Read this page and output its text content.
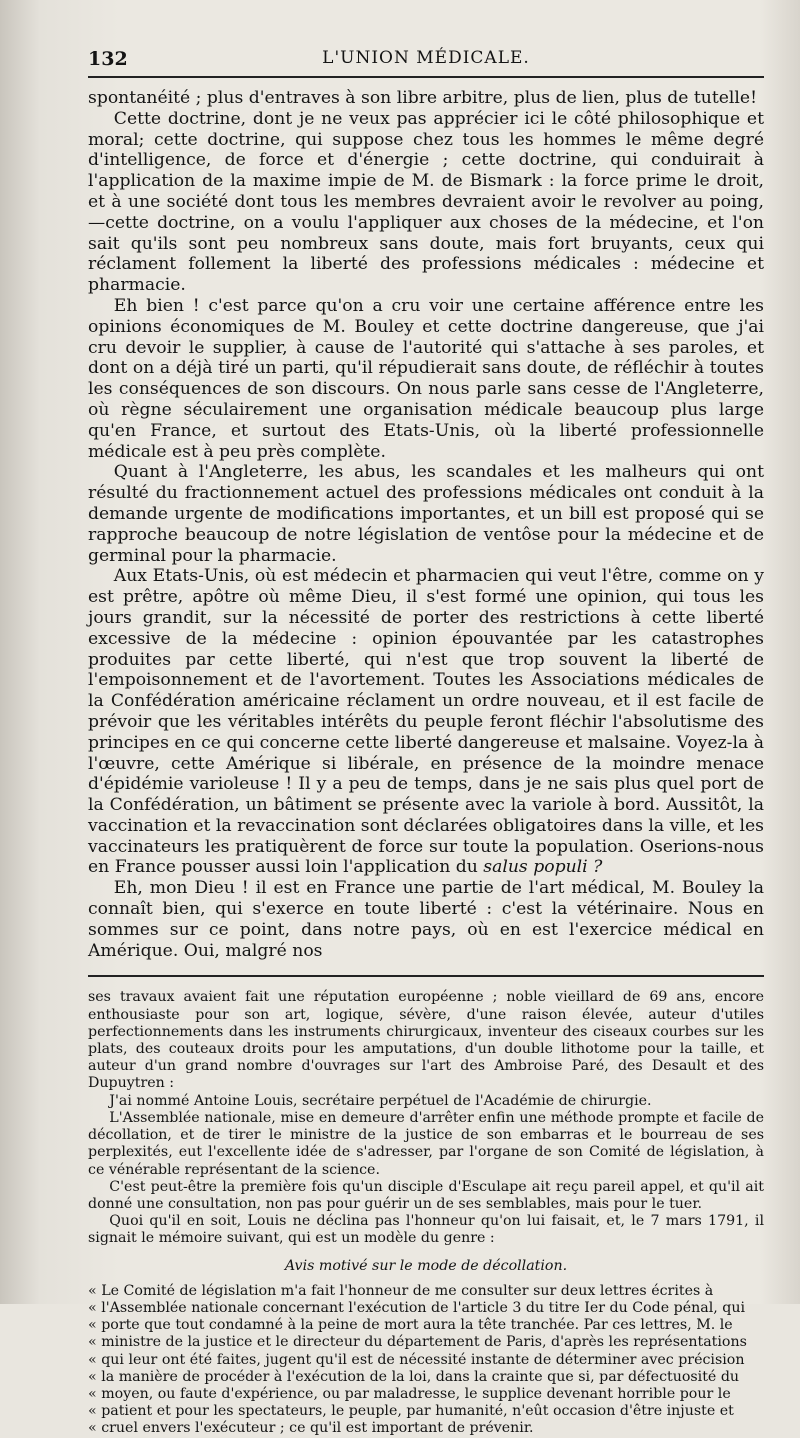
132	L'UNION MÉDICALE.

spontanéité ; plus d'entraves à son libre arbitre, plus de lien, plus de tutelle!

Cette doctrine, dont je ne veux pas apprécier ici le côté philosophique et moral; cette doctrine, qui suppose chez tous les hommes le même degré d'intelligence, de force et d'énergie ; cette doctrine, qui conduirait à l'application de la maxime impie de M. de Bismark : la force prime le droit, et à une société dont tous les membres devraient avoir le revolver au poing, —cette doctrine, on a voulu l'appliquer aux choses de la médecine, et l'on sait qu'ils sont peu nombreux sans doute, mais fort bruyants, ceux qui réclament follement la liberté des professions médicales : médecine et pharmacie.

Eh bien ! c'est parce qu'on a cru voir une certaine afférence entre les opinions économiques de M. Bouley et cette doctrine dangereuse, que j'ai cru devoir le supplier, à cause de l'autorité qui s'attache à ses paroles, et dont on a déjà tiré un parti, qu'il répudierait sans doute, de réfléchir à toutes les conséquences de son discours. On nous parle sans cesse de l'Angleterre, où règne séculairement une organisation médicale beaucoup plus large qu'en France, et surtout des Etats-Unis, où la liberté professionnelle médicale est à peu près complète.

Quant à l'Angleterre, les abus, les scandales et les malheurs qui ont résulté du fractionnement actuel des professions médicales ont conduit à la demande urgente de modifications importantes, et un bill est proposé qui se rapproche beaucoup de notre législation de ventôse pour la médecine et de germinal pour la pharmacie.

Aux Etats-Unis, où est médecin et pharmacien qui veut l'être, comme on y est prêtre, apôtre où même Dieu, il s'est formé une opinion, qui tous les jours grandit, sur la nécessité de porter des restrictions à cette liberté excessive de la médecine : opinion épouvantée par les catastrophes produites par cette liberté, qui n'est que trop souvent la liberté de l'empoisonnement et de l'avortement. Toutes les Associations médicales de la Confédération américaine réclament un ordre nouveau, et il est facile de prévoir que les véritables intérêts du peuple feront fléchir l'absolutisme des principes en ce qui concerne cette liberté dangereuse et malsaine. Voyez-la à l'œuvre, cette Amérique si libérale, en présence de la moindre menace d'épidémie varioleuse ! Il y a peu de temps, dans je ne sais plus quel port de la Confédération, un bâtiment se présente avec la variole à bord. Aussitôt, la vaccination et la revaccination sont déclarées obligatoires dans la ville, et les vaccinateurs les pratiquèrent de force sur toute la population. Oserions-nous en France pousser aussi loin l'application du salus populi ?

Eh, mon Dieu ! il est en France une partie de l'art médical, M. Bouley la connaît bien, qui s'exerce en toute liberté : c'est la vétérinaire. Nous en sommes sur ce point, dans notre pays, où en est l'exercice médical en Amérique. Oui, malgré nos

ses travaux avaient fait une réputation européenne ; noble vieillard de 69 ans, encore enthousiaste pour son art, logique, sévère, d'une raison élevée, auteur d'utiles perfectionnements dans les instruments chirurgicaux, inventeur des ciseaux courbes sur les plats, des couteaux droits pour les amputations, d'un double lithotome pour la taille, et auteur d'un grand nombre d'ouvrages sur l'art des Ambroise Paré, des Desault et des Dupuytren :

J'ai nommé Antoine Louis, secrétaire perpétuel de l'Académie de chirurgie.

L'Assemblée nationale, mise en demeure d'arrêter enfin une méthode prompte et facile de décollation, et de tirer le ministre de la justice de son embarras et le bourreau de ses perplexités, eut l'excellente idée de s'adresser, par l'organe de son Comité de législation, à ce vénérable représentant de la science.

C'est peut-être la première fois qu'un disciple d'Esculape ait reçu pareil appel, et qu'il ait donné une consultation, non pas pour guérir un de ses semblables, mais pour le tuer.

Quoi qu'il en soit, Louis ne déclina pas l'honneur qu'on lui faisait, et, le 7 mars 1791, il signait le mémoire suivant, qui est un modèle du genre :

Avis motivé sur le mode de décollation.

« Le Comité de législation m'a fait l'honneur de me consulter sur deux lettres écrites à

« l'Assemblée nationale concernant l'exécution de l'article 3 du titre Ier du Code pénal, qui

« porte que tout condamné à la peine de mort aura la tête tranchée. Par ces lettres, M. le

« ministre de la justice et le directeur du département de Paris, d'après les représentations

« qui leur ont été faites, jugent qu'il est de nécessité instante de déterminer avec précision

« la manière de procéder à l'exécution de la loi, dans la crainte que si, par défectuosité du

« moyen, ou faute d'expérience, ou par maladresse, le supplice devenant horrible pour le

« patient et pour les spectateurs, le peuple, par humanité, n'eût occasion d'être injuste et

« cruel envers l'exécuteur ; ce qu'il est important de prévenir.
